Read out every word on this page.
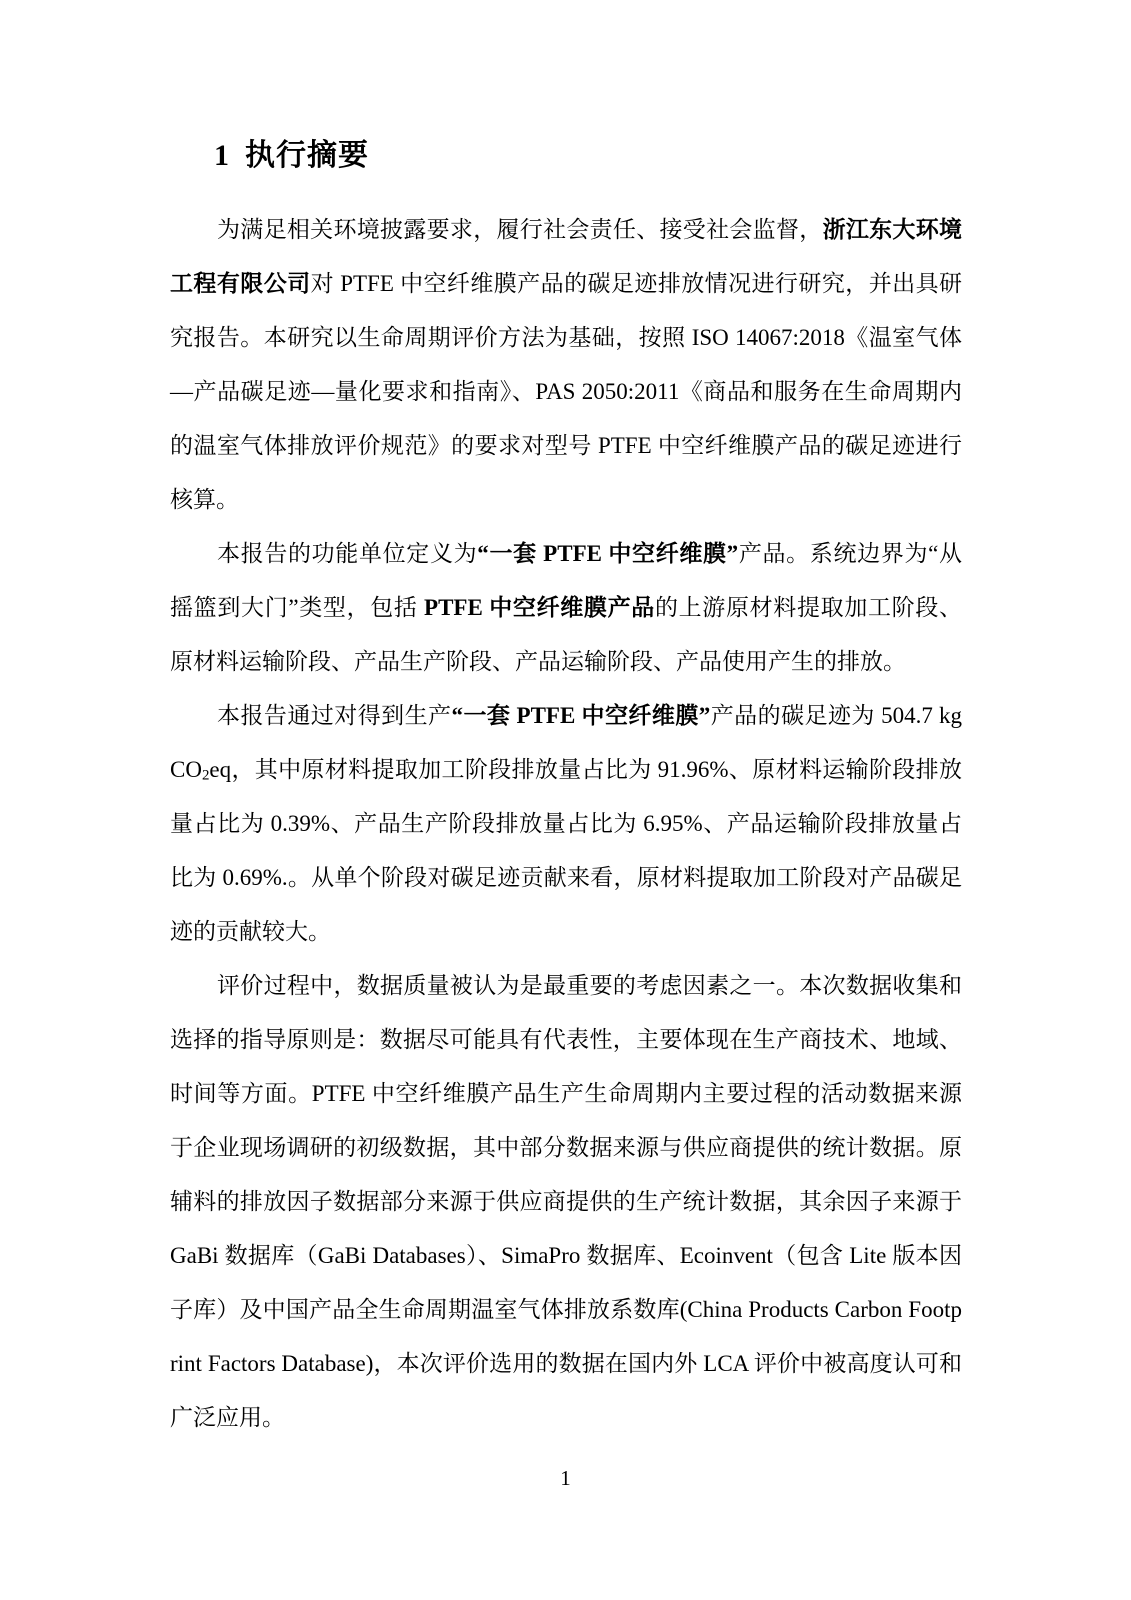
1 执行摘要

为满足相关环境披露要求，履行社会责任、接受社会监督，浙江东大环境工程有限公司对 PTFE 中空纤维膜产品的碳足迹排放情况进行研究，并出具研究报告。本研究以生命周期评价方法为基础，按照 ISO 14067:2018《温室气体—产品碳足迹—量化要求和指南》、PAS 2050:2011《商品和服务在生命周期内的温室气体排放评价规范》的要求对型号 PTFE 中空纤维膜产品的碳足迹进行核算。

本报告的功能单位定义为“一套 PTFE 中空纤维膜”产品。系统边界为“从摇篮到大门”类型，包括 PTFE 中空纤维膜产品的上游原材料提取加工阶段、原材料运输阶段、产品生产阶段、产品运输阶段、产品使用产生的排放。

本报告通过对得到生产“一套 PTFE 中空纤维膜”产品的碳足迹为 504.7 kgCO$_2$eq，其中原材料提取加工阶段排放量占比为 91.96%、原材料运输阶段排放量占比为 0.39%、产品生产阶段排放量占比为 6.95%、产品运输阶段排放量占比为 0.69%.。从单个阶段对碳足迹贡献来看，原材料提取加工阶段对产品碳足迹的贡献较大。

评价过程中，数据质量被认为是最重要的考虑因素之一。本次数据收集和选择的指导原则是：数据尽可能具有代表性，主要体现在生产商技术、地域、时间等方面。PTFE 中空纤维膜产品生产生命周期内主要过程的活动数据来源于企业现场调研的初级数据，其中部分数据来源与供应商提供的统计数据。原辅料的排放因子数据部分来源于供应商提供的生产统计数据，其余因子来源于 GaBi 数据库（GaBi Databases）、SimaPro 数据库、Ecoinvent（包含 Lite 版本因子库）及中国产品全生命周期温室气体排放系数库(China Products Carbon Footprint Factors Database)，本次评价选用的数据在国内外 LCA 评价中被高度认可和广泛应用。

1
